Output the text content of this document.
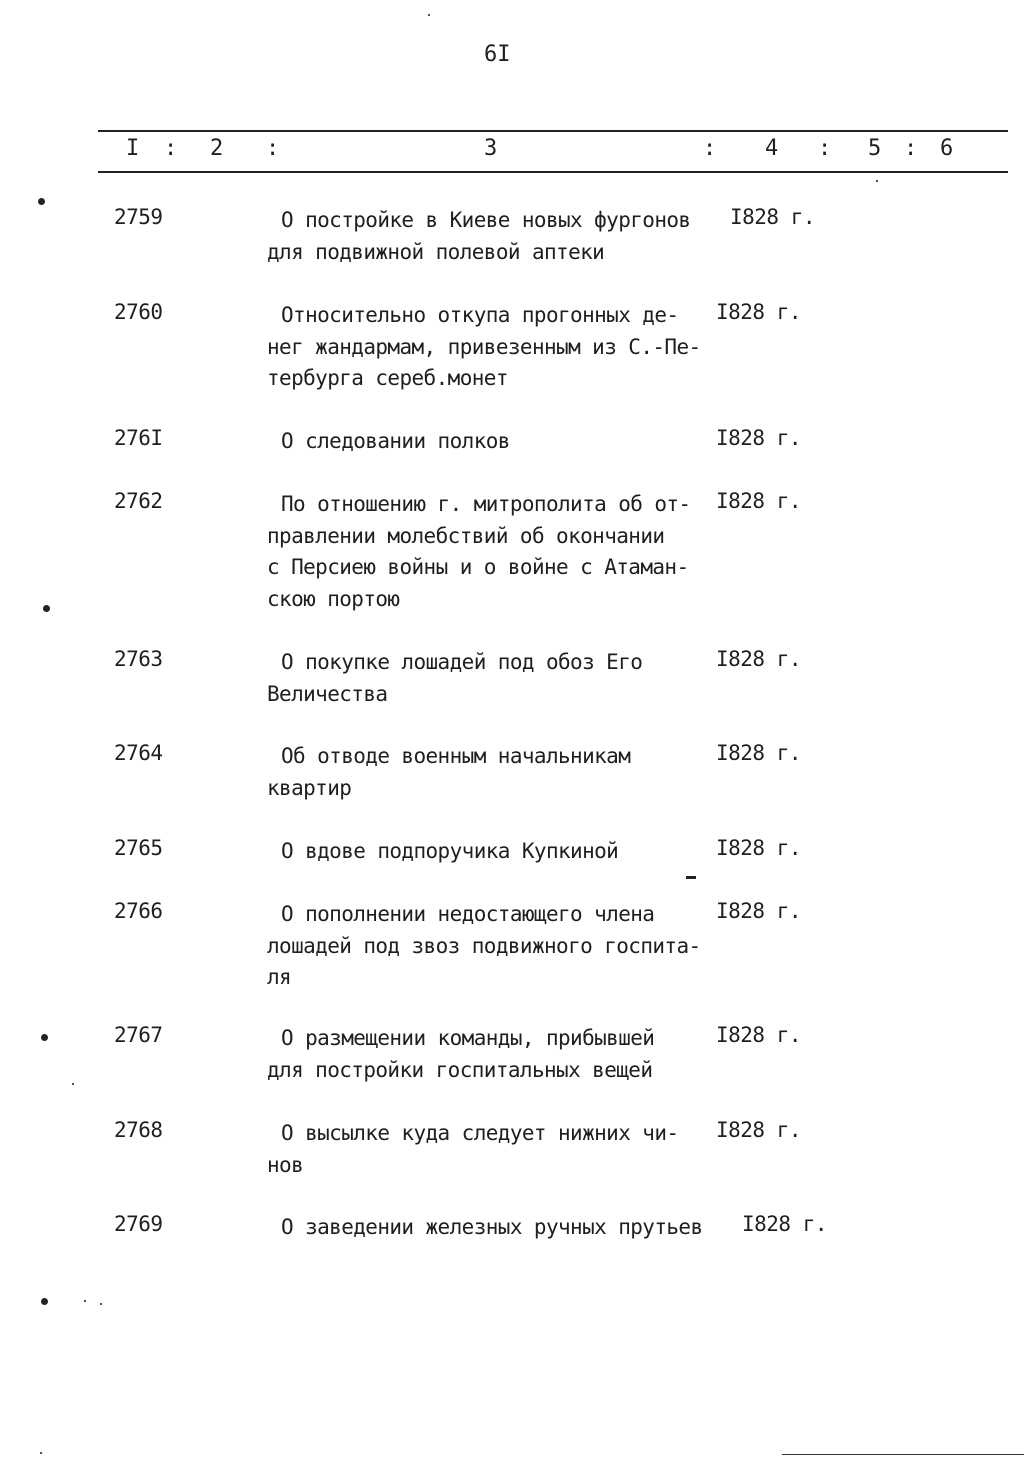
6I
I : 2 :	3	: 4 : 5 : 6
2759	О постройке в Киеве новых фургонов
для подвижной полевой аптеки
I828 г.
2760	Относительно откупа прогонных де-
нег жандармам, привезенным из С.-Пе-
тербурга сереб.монет
I828 г.
276I	О следовании полков	I828 г.
2762	По отношению г. митрополита об от-
правлении молебствий об окончании
с Персиею войны и о войне с Атаман-
скою портою
I828 г.
2763	О покупке лошадей под обоз Его
Величества
I828 г.
2764	Об отводе военным начальникам
квартир
I828 г.
2765	О вдове подпоручика Купкиной	I828 г.
2766	О пополнении недостающего члена
лошадей под звоз подвижного госпита-
ля
I828 г.
2767	О размещении команды, прибывшей
для постройки госпитальных вещей
I828 г.
2768	О высылке куда следует нижних чи-
нов
I828 г.
2769	О заведении железных ручных прутьев	I828 г.
